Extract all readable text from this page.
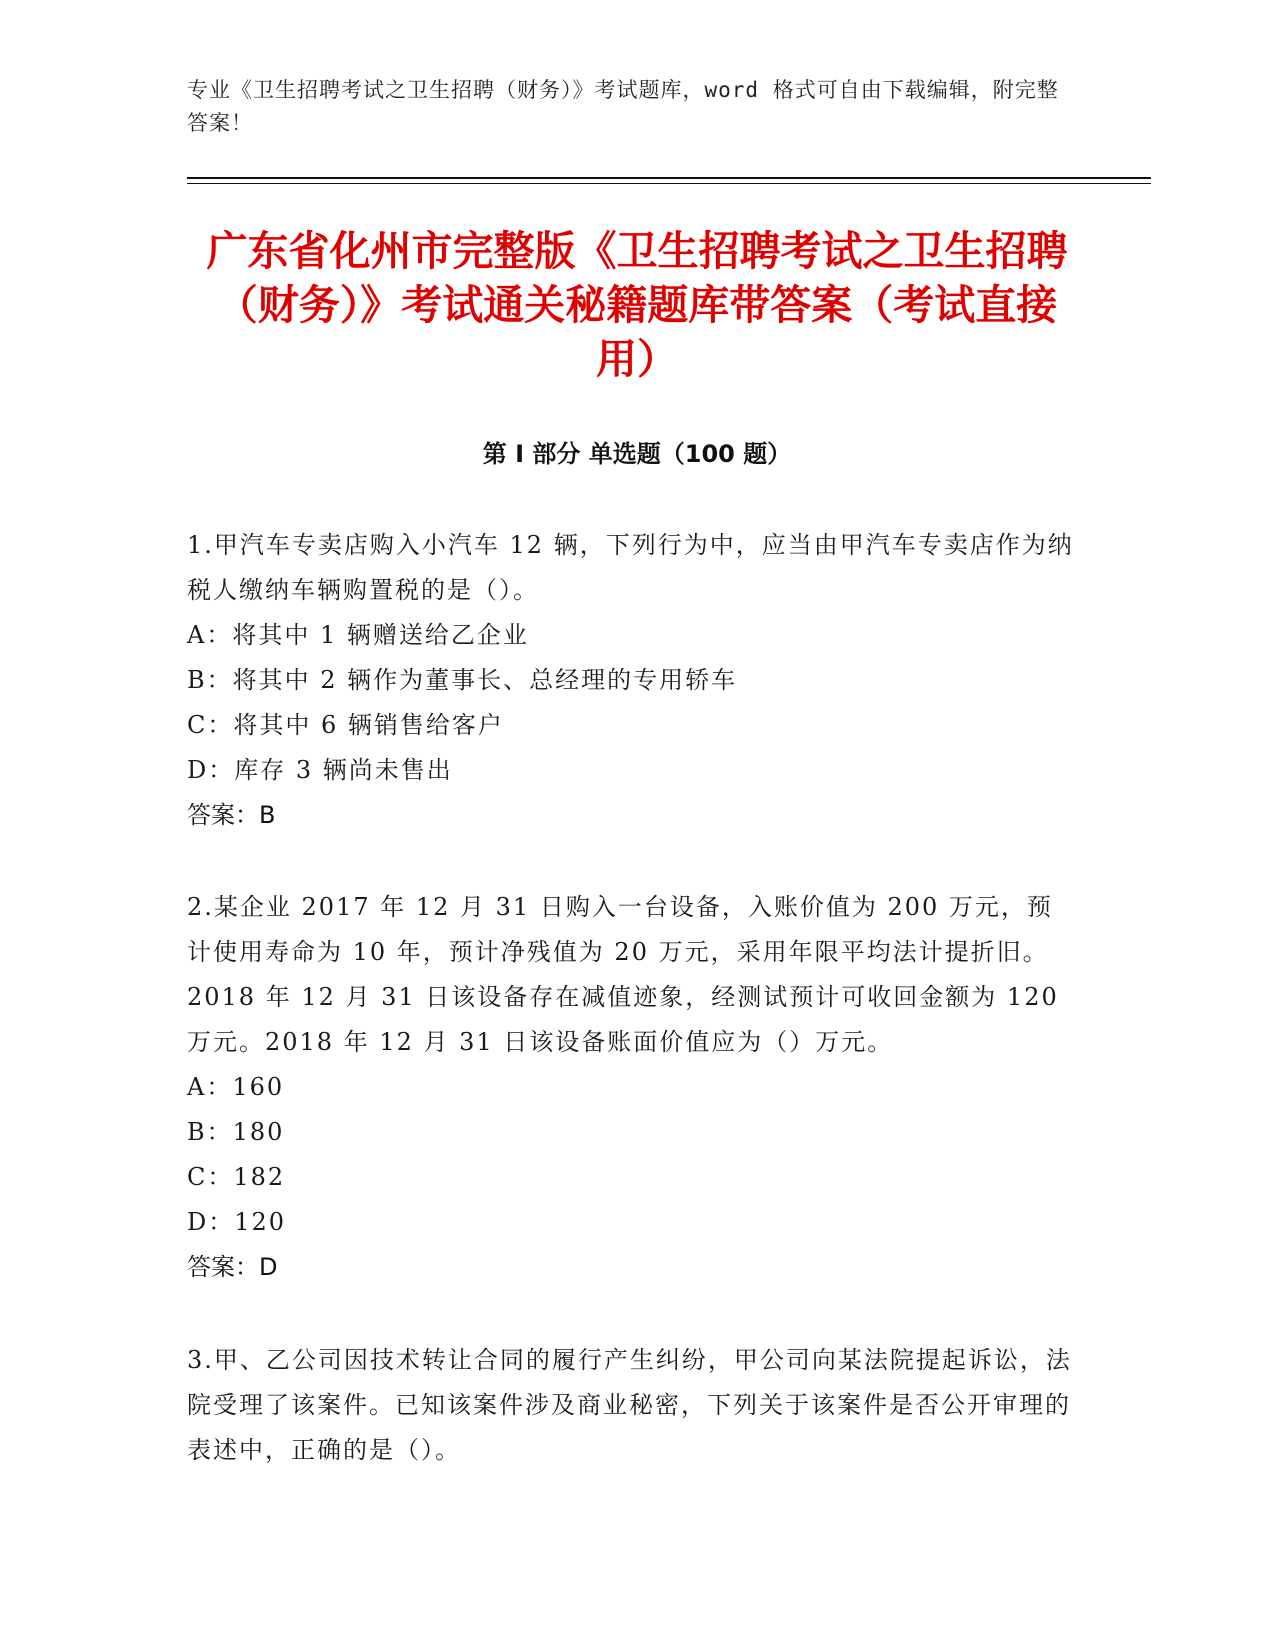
专业《卫生招聘考试之卫生招聘（财务）》考试题库，word 格式可自由下载编辑，附完整答案！
广东省化州市完整版《卫生招聘考试之卫生招聘（财务）》考试通关秘籍题库带答案（考试直接用）
第 I 部分 单选题（100 题）

1.甲汽车专卖店购入小汽车 12 辆，下列行为中，应当由甲汽车专卖店作为纳税人缴纳车辆购置税的是（）。

A：将其中 1 辆赠送给乙企业

B：将其中 2 辆作为董事长、总经理的专用轿车

C：将其中 6 辆销售给客户

D：库存 3 辆尚未售出

答案：B

2.某企业 2017 年 12 月 31 日购入一台设备，入账价值为 200 万元，预计使用寿命为 10 年，预计净残值为 20 万元，采用年限平均法计提折旧。2018 年 12 月 31 日该设备存在减值迹象，经测试预计可收回金额为 120 万元。2018 年 12 月 31 日该设备账面价值应为（）万元。

A：160

B：180

C：182

D：120

答案：D

3.甲、乙公司因技术转让合同的履行产生纠纷，甲公司向某法院提起诉讼，法院受理了该案件。已知该案件涉及商业秘密，下列关于该案件是否公开审理的表述中，正确的是（）。
